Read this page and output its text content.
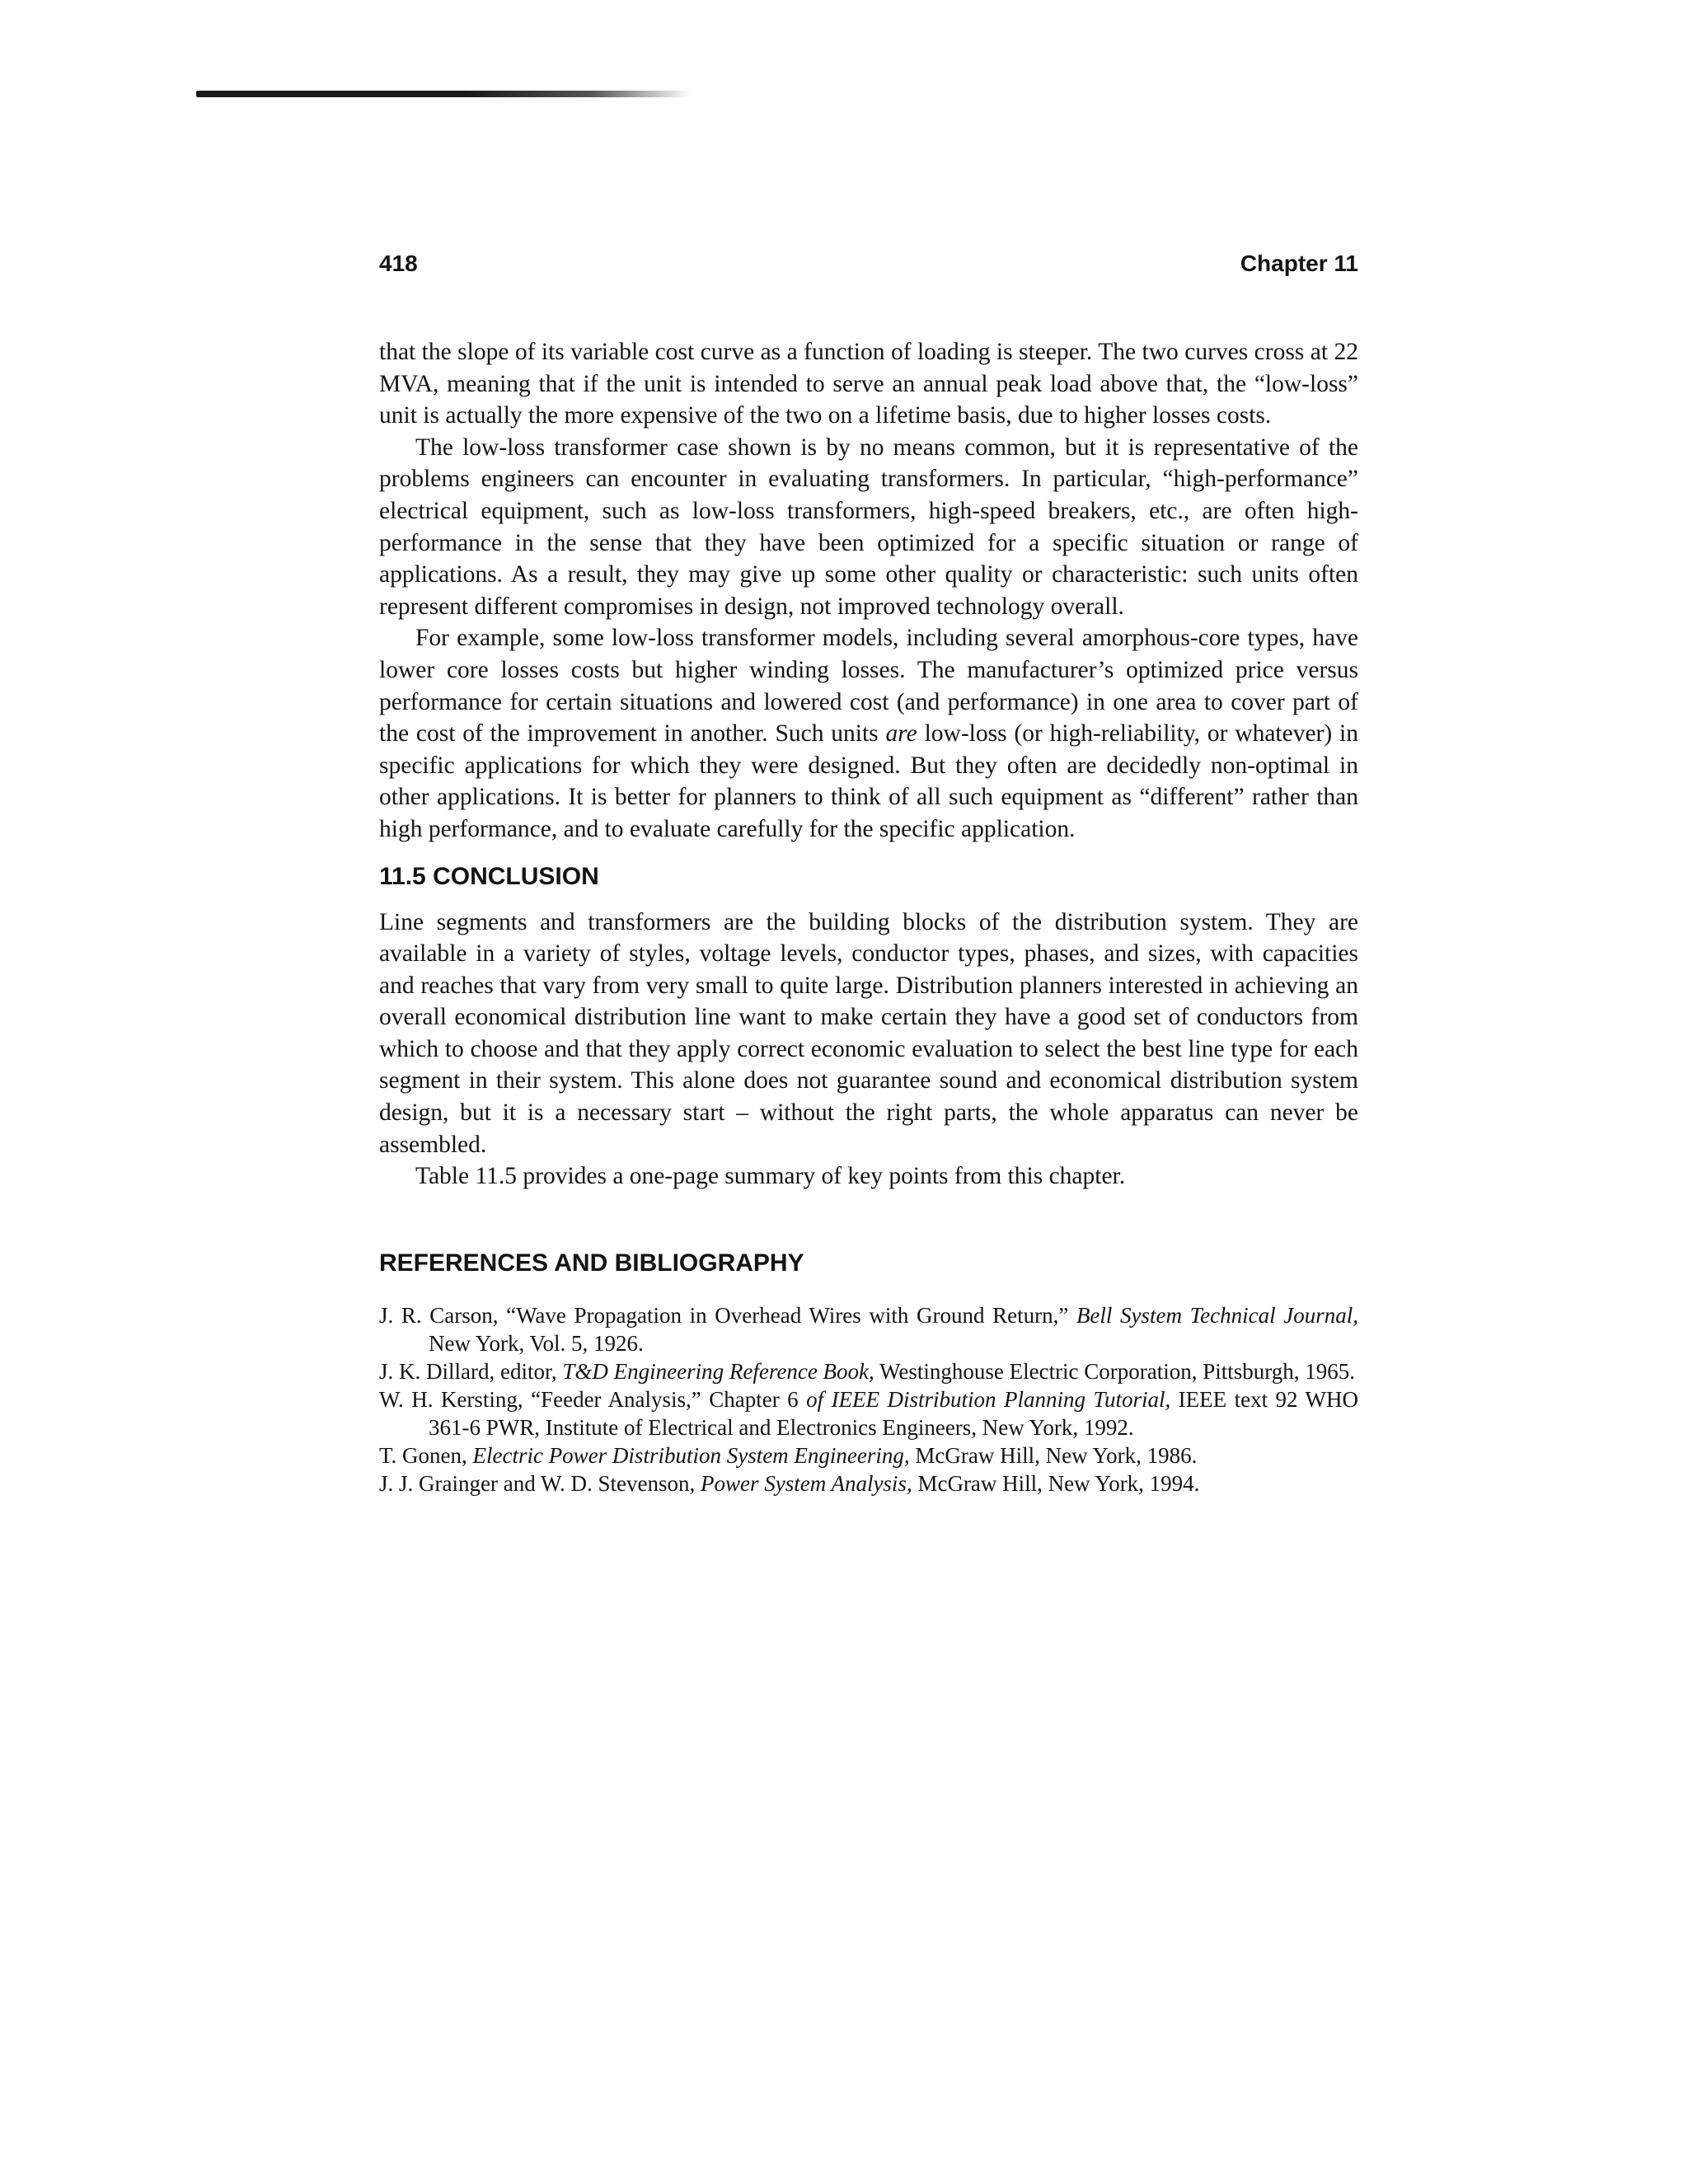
418	Chapter 11

that the slope of its variable cost curve as a function of loading is steeper. The two curves cross at 22 MVA, meaning that if the unit is intended to serve an annual peak load above that, the “low-loss” unit is actually the more expensive of the two on a lifetime basis, due to higher losses costs.

The low-loss transformer case shown is by no means common, but it is representative of the problems engineers can encounter in evaluating transformers. In particular, “high-performance” electrical equipment, such as low-loss transformers, high-speed breakers, etc., are often high-performance in the sense that they have been optimized for a specific situation or range of applications. As a result, they may give up some other quality or characteristic: such units often represent different compromises in design, not improved technology overall.

For example, some low-loss transformer models, including several amorphous-core types, have lower core losses costs but higher winding losses. The manufacturer’s optimized price versus performance for certain situations and lowered cost (and performance) in one area to cover part of the cost of the improvement in another. Such units are low-loss (or high-reliability, or whatever) in specific applications for which they were designed. But they often are decidedly non-optimal in other applications. It is better for planners to think of all such equipment as “different” rather than high performance, and to evaluate carefully for the specific application.

11.5 CONCLUSION

Line segments and transformers are the building blocks of the distribution system. They are available in a variety of styles, voltage levels, conductor types, phases, and sizes, with capacities and reaches that vary from very small to quite large. Distribution planners interested in achieving an overall economical distribution line want to make certain they have a good set of conductors from which to choose and that they apply correct economic evaluation to select the best line type for each segment in their system. This alone does not guarantee sound and economical distribution system design, but it is a necessary start – without the right parts, the whole apparatus can never be assembled.

Table 11.5 provides a one-page summary of key points from this chapter.

REFERENCES AND BIBLIOGRAPHY

J. R. Carson, “Wave Propagation in Overhead Wires with Ground Return,” Bell System Technical Journal, New York, Vol. 5, 1926.

J. K. Dillard, editor, T&D Engineering Reference Book, Westinghouse Electric Corporation, Pittsburgh, 1965.

W. H. Kersting, “Feeder Analysis,” Chapter 6 of IEEE Distribution Planning Tutorial, IEEE text 92 WHO 361-6 PWR, Institute of Electrical and Electronics Engineers, New York, 1992.

T. Gonen, Electric Power Distribution System Engineering, McGraw Hill, New York, 1986.

J. J. Grainger and W. D. Stevenson, Power System Analysis, McGraw Hill, New York, 1994.
